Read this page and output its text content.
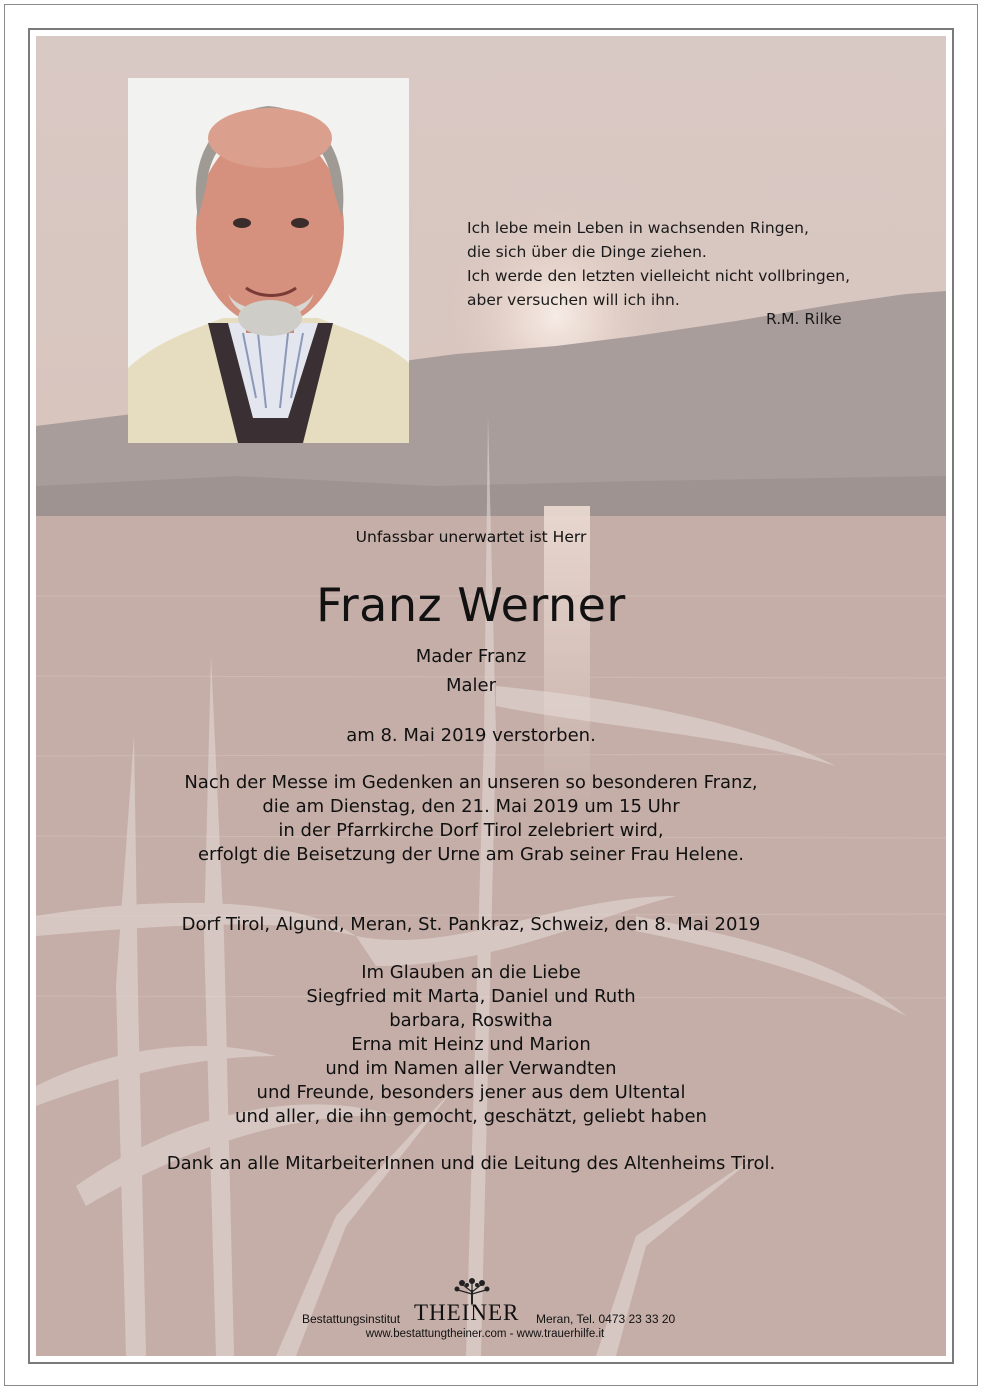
Ich lebe mein Leben in wachsenden Ringen,
die sich über die Dinge ziehen.
Ich werde den letzten vielleicht nicht vollbringen,
aber versuchen will ich ihn.
R.M. Rilke
Unfassbar unerwartet ist Herr
Franz Werner
Mader Franz
Maler
am 8. Mai 2019 verstorben.
Nach der Messe im Gedenken an unseren so besonderen Franz,
die am Dienstag, den 21. Mai 2019 um 15 Uhr
in der Pfarrkirche Dorf Tirol zelebriert wird,
erfolgt die Beisetzung der Urne am Grab seiner Frau Helene.
Dorf Tirol, Algund, Meran, St. Pankraz, Schweiz, den 8. Mai 2019
Im Glauben an die Liebe
Siegfried mit Marta, Daniel und Ruth
barbara, Roswitha
Erna mit Heinz und Marion
und im Namen aller Verwandten
und Freunde, besonders jener aus dem Ultental
und aller, die ihn gemocht, geschätzt, geliebt haben
Dank an alle MitarbeiterInnen und die Leitung des Altenheims Tirol.
Bestattungsinstitut THEINER Meran, Tel. 0473 23 33 20
www.bestattungtheiner.com - www.trauerhilfe.it
